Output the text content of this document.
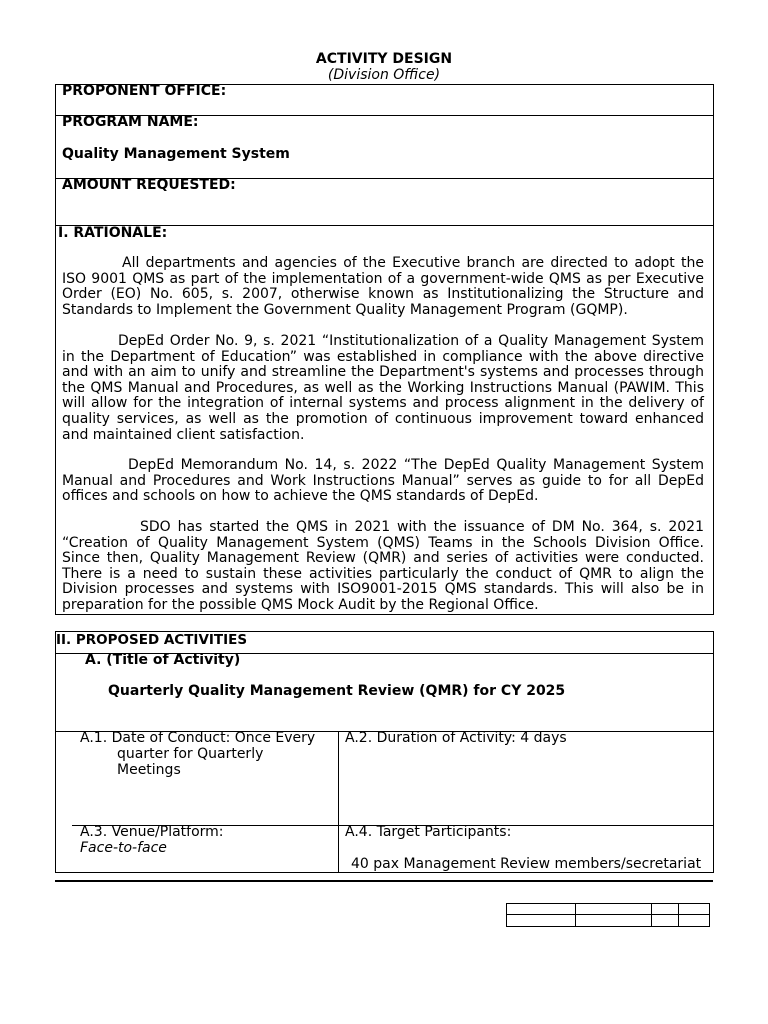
ACTIVITY DESIGN
(Division Office)
PROPONENT OFFICE:
PROGRAM NAME:
Quality Management System
AMOUNT REQUESTED:
I. RATIONALE:
All departments and agencies of the Executive branch are directed to adopt the ISO 9001 QMS as part of the implementation of a government-wide QMS as per Executive Order (EO) No. 605, s. 2007, otherwise known as Institutionalizing the Structure and Standards to Implement the Government Quality Management Program (GQMP).
DepEd Order No. 9, s. 2021 “Institutionalization of a Quality Management System in the Department of Education” was established in compliance with the above directive and with an aim to unify and streamline the Department's systems and processes through the QMS Manual and Procedures, as well as the Working Instructions Manual (PAWIM. This will allow for the integration of internal systems and process alignment in the delivery of quality services, as well as the promotion of continuous improvement toward enhanced and maintained client satisfaction.
DepEd Memorandum No. 14, s. 2022 “The DepEd Quality Management System Manual and Procedures and Work Instructions Manual” serves as guide to for all DepEd offices and schools on how to achieve the QMS standards of DepEd.
SDO has started the QMS in 2021 with the issuance of DM No. 364, s. 2021 “Creation of Quality Management System (QMS) Teams in the Schools Division Office. Since then, Quality Management Review (QMR) and series of activities were conducted. There is a need to sustain these activities particularly the conduct of QMR to align the Division processes and systems with ISO9001-2015 QMS standards. This will also be in preparation for the possible QMS Mock Audit by the Regional Office.
II. PROPOSED ACTIVITIES
A. (Title of Activity)
Quarterly Quality Management Review (QMR) for CY 2025
A.1. Date of Conduct: Once Every
quarter for Quarterly
Meetings
A.2. Duration of Activity: 4 days
A.3. Venue/Platform:
Face-to-face
A.4. Target Participants:
40 pax Management Review members/secretariat
